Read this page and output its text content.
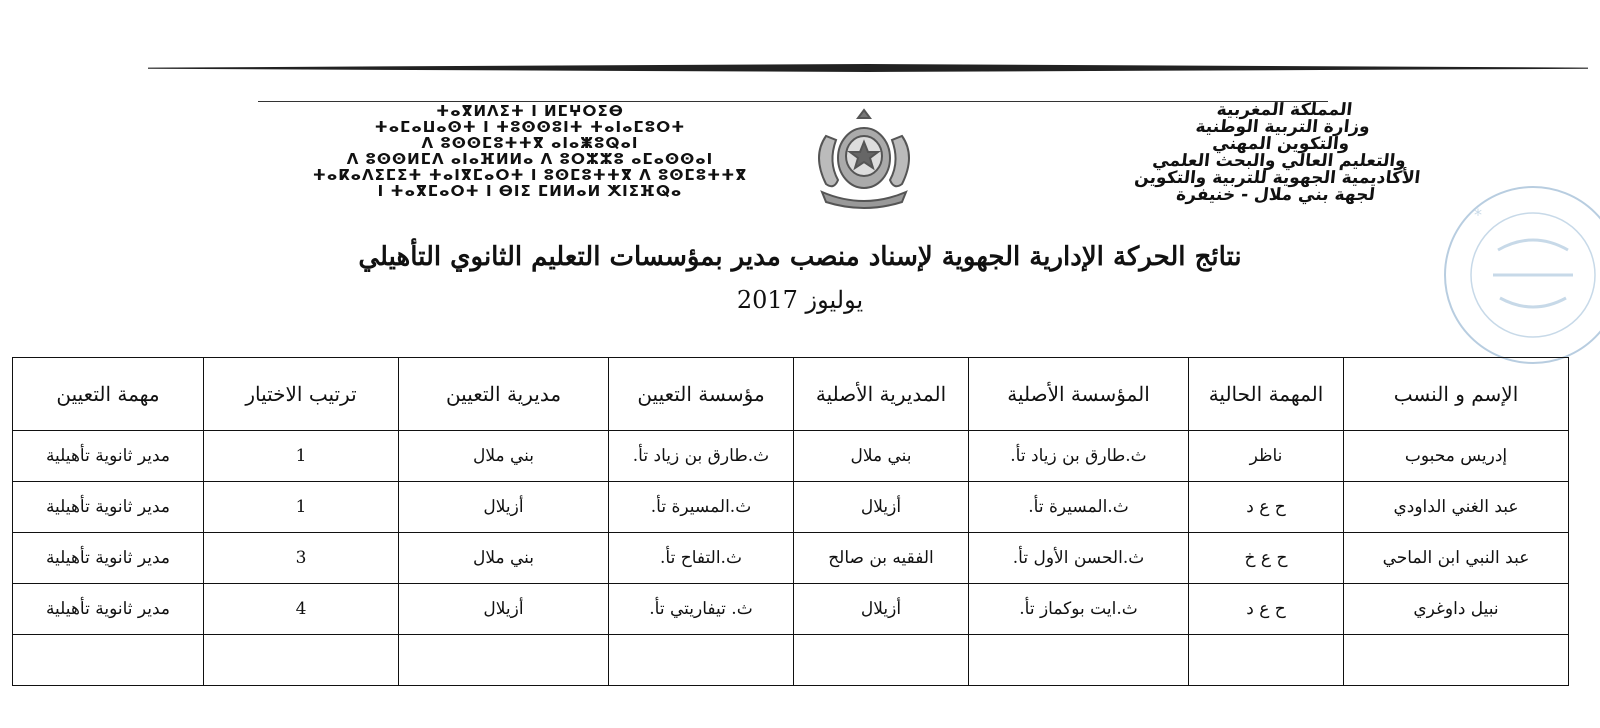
ⵜⴰⴳⵍⴷⵉⵜ ⵏ ⵍⵎⵖⵔⵉⴱ
ⵜⴰⵎⴰⵡⴰⵙⵜ ⵏ ⵜⵓⵙⵙⵓⵏⵜ ⵜⴰⵏⴰⵎⵓⵔⵜ
ⴷ ⵓⵙⵙⵎⵓⵜⵜⴳ ⴰⵏⴰⵥⵓⵕⴰⵏ
ⴷ ⵓⵙⵙⵍⵎⴷ ⴰⵏⴰⴼⵍⵍⴰ ⴷ ⵓⵔⵣⵣⵓ ⴰⵎⴰⵙⵙⴰⵏ
ⵜⴰⴽⴰⴷⵉⵎⵉⵜ ⵜⴰⵏⴳⵎⴰⵔⵜ ⵏ ⵓⵙⵎⵓⵜⵜⴳ ⴷ ⵓⵙⵎⵓⵜⵜⴳ
ⵏ ⵜⴰⴳⵎⴰⵔⵜ ⵏ ⴱⵏⵉ ⵎⵍⵍⴰⵍ ⵅⵏⵉⴼⵕⴰ
المملكة المغربية
وزارة التربية الوطنية
والتكوين المهني
والتعليم العالي والبحث العلمي
الأكاديمية الجهوية للتربية والتكوين
لجهة بني ملال - خنيفرة
*
نتائج الحركة الإدارية الجهوية لإسناد منصب مدير بمؤسسات التعليم الثانوي التأهيلي
يوليوز 2017
الإسم و النسب	المهمة الحالية	المؤسسة الأصلية	المديرية الأصلية	مؤسسة التعيين	مديرية التعيين	ترتيب الاختيار	مهمة التعيين
إدريس محبوب	ناظر	ث.طارق بن زياد تأ.	بني ملال	ث.طارق بن زياد تأ.	بني ملال	1	مدير ثانوية تأهيلية
عبد الغني الداودي	ح ع د	ث.المسيرة تأ.	أزيلال	ث.المسيرة تأ.	أزيلال	1	مدير ثانوية تأهيلية
عبد النبي ابن الماحي	ح ع خ	ث.الحسن الأول تأ.	الفقيه بن صالح	ث.التفاح تأ.	بني ملال	3	مدير ثانوية تأهيلية
نبيل داوغري	ح ع د	ث.ايت بوكماز تأ.	أزيلال	ث. تيفاريتي تأ.	أزيلال	4	مدير ثانوية تأهيلية
